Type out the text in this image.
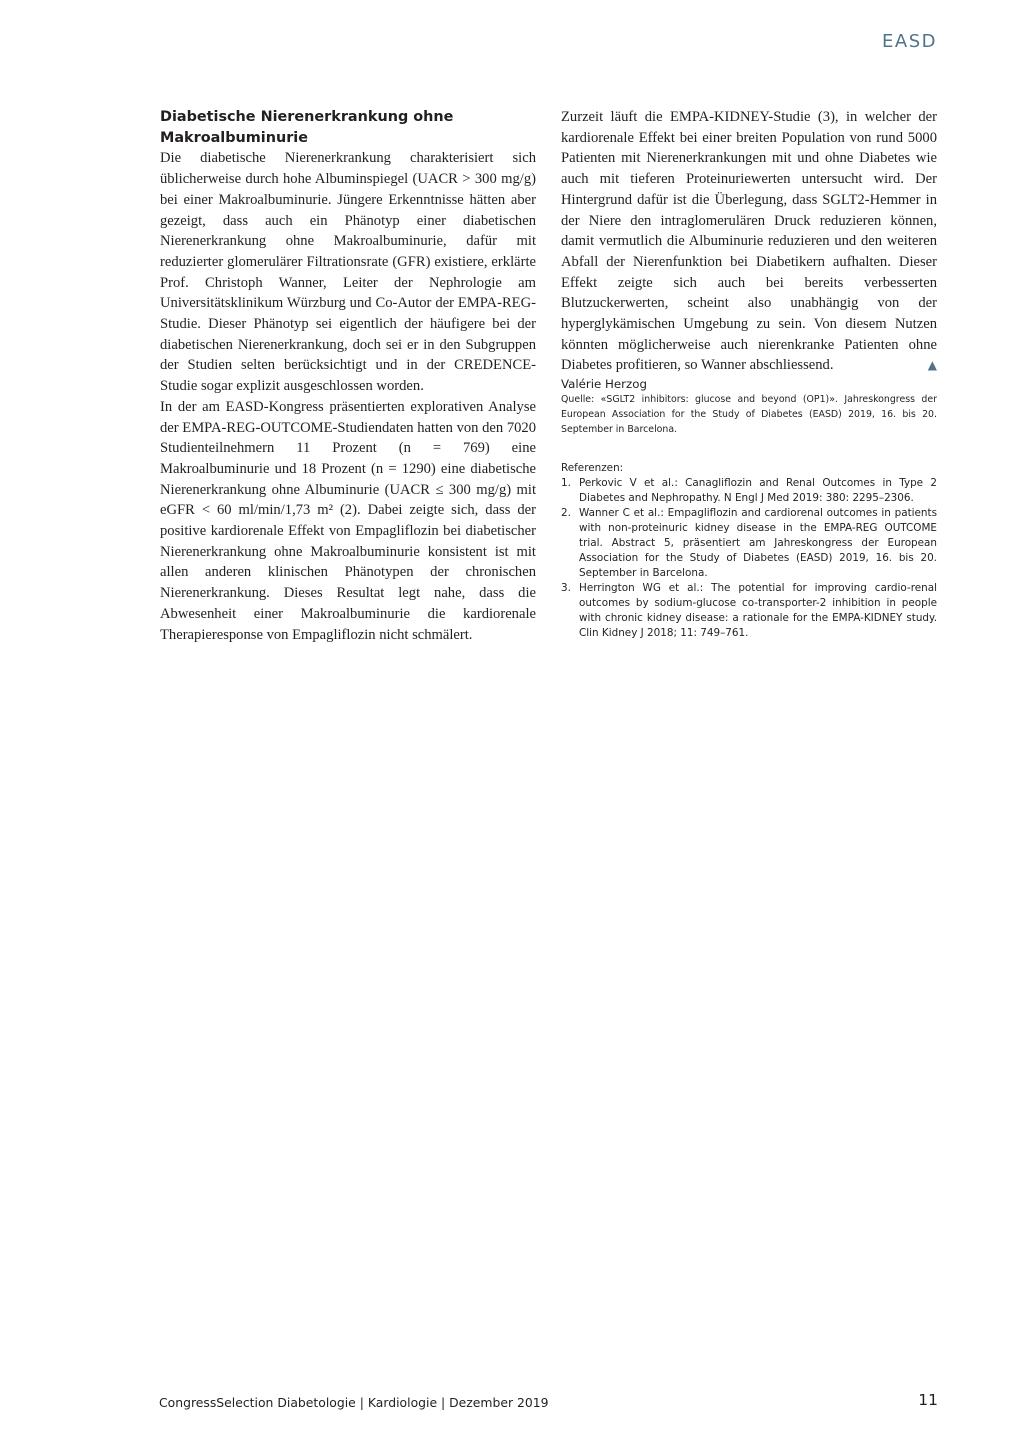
EASD
Diabetische Nierenerkrankung ohne Makroalbuminurie

Die diabetische Nierenerkrankung charakterisiert sich üblicherweise durch hohe Albuminspiegel (UACR > 300 mg/g) bei einer Makroalbuminurie. Jüngere Erkenntnisse hätten aber gezeigt, dass auch ein Phänotyp einer diabetischen Nierenerkrankung ohne Makroalbuminurie, dafür mit reduzierter glomerulärer Filtrationsrate (GFR) existiere, erklärte Prof. Christoph Wanner, Leiter der Nephrologie am Universitätsklinikum Würzburg und Co-Autor der EMPA-REG-Studie. Dieser Phänotyp sei eigentlich der häufigere bei der diabetischen Nierenerkrankung, doch sei er in den Subgruppen der Studien selten berücksichtigt und in der CREDENCE-Studie sogar explizit ausgeschlossen worden.

In der am EASD-Kongress präsentierten explorativen Analyse der EMPA-REG-OUTCOME-Studiendaten hatten von den 7020 Studienteilnehmern 11 Prozent (n = 769) eine Makroalbuminurie und 18 Prozent (n = 1290) eine diabetische Nierenerkrankung ohne Albuminurie (UACR ≤ 300 mg/g) mit eGFR < 60 ml/min/1,73 m² (2). Dabei zeigte sich, dass der positive kardiorenale Effekt von Empagliflozin bei diabetischer Nierenerkrankung ohne Makroalbuminurie konsistent ist mit allen anderen klinischen Phänotypen der chronischen Nierenerkrankung. Dieses Resultat legt nahe, dass die Abwesenheit einer Makroalbuminurie die kardiorenale Therapieresponse von Empagliflozin nicht schmälert.

Zurzeit läuft die EMPA-KIDNEY-Studie (3), in welcher der kardiorenale Effekt bei einer breiten Population von rund 5000 Patienten mit Nierenerkrankungen mit und ohne Diabetes wie auch mit tieferen Proteinuriewerten untersucht wird. Der Hintergrund dafür ist die Überlegung, dass SGLT2-Hemmer in der Niere den intraglomerulären Druck reduzieren können, damit vermutlich die Albuminurie reduzieren und den weiteren Abfall der Nierenfunktion bei Diabetikern aufhalten. Dieser Effekt zeigte sich auch bei bereits verbesserten Blutzuckerwerten, scheint also unabhängig von der hyperglykämischen Umgebung zu sein. Von diesem Nutzen könnten möglicherweise auch nierenkranke Patienten ohne Diabetes profitieren, so Wanner abschliessend.	▲

Valérie Herzog

Quelle: «SGLT2 inhibitors: glucose and beyond (OP1)». Jahreskongress der European Association for the Study of Diabetes (EASD) 2019, 16. bis 20. September in Barcelona.

Referenzen:

1. Perkovic V et al.: Canagliflozin and Renal Outcomes in Type 2 Diabetes and Nephropathy. N Engl J Med 2019: 380: 2295–2306.
2. Wanner C et al.: Empagliflozin and cardiorenal outcomes in patients with non-proteinuric kidney disease in the EMPA-REG OUTCOME trial. Abstract 5, präsentiert am Jahreskongress der European Association for the Study of Diabetes (EASD) 2019, 16. bis 20. September in Barcelona.
3. Herrington WG et al.: The potential for improving cardio-renal outcomes by sodium-glucose co-transporter-2 inhibition in people with chronic kidney disease: a rationale for the EMPA-KIDNEY study. Clin Kidney J 2018; 11: 749–761.
CongressSelection Diabetologie | Kardiologie | Dezember 2019	11
